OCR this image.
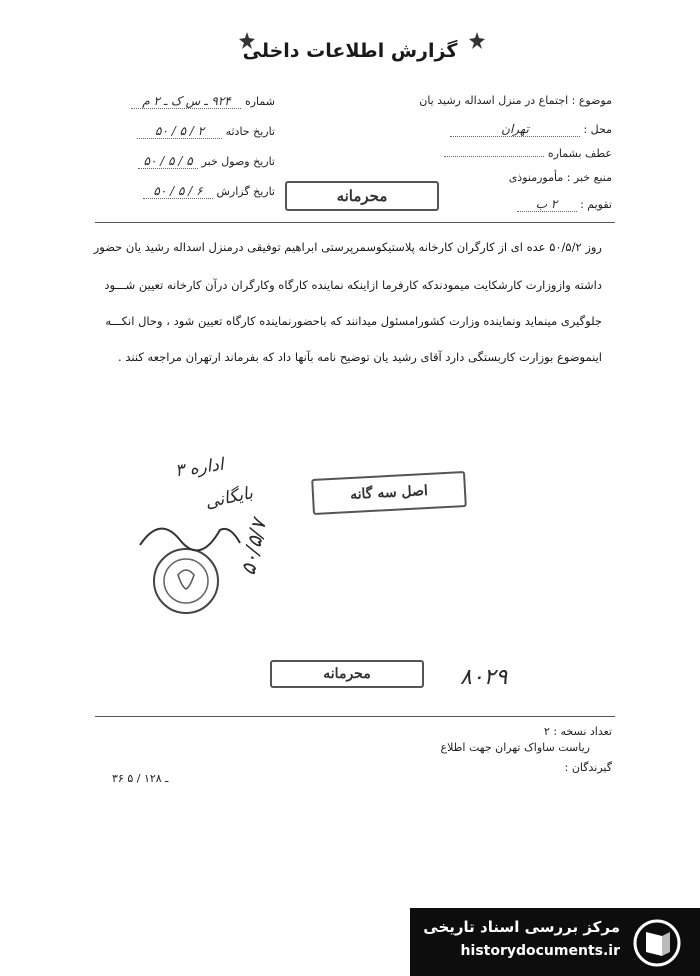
گزارش اطلاعات داخلی
موضوع : اجتماع در منزل اسداله رشید یان
محل : تهران
عطف بشماره
منبع خبر : مأمورمنوذی
تقویم : ۲ ب
شماره ۹۲۴ ـ س ک ـ ۲ م
تاریخ حادثه ۲ / ۵ / ۵۰
تاریخ وصول خبر ۵ / ۵ / ۵۰
تاریخ گزارش ۶ / ۵ / ۵۰	محرمانه
روز ۵۰/۵/۲ عده ای از کارگران کارخانه پلاستیکوسمرپرستی ابراهیم توفیقی درمنزل اسداله رشید یان حضور
داشته وازوزارت کارشکایت میمودندکه کارفرما ازاینکه نماینده کارگاه وکارگران درآن کارخانه تعیین شـــود
جلوگیری مینماید ونماینده وزارت کشورامسئول میدانند که باحضورنماینده کارگاه تعیین شود ، وحال انکـــه
اینموضوع بوزارت کاربستگی دارد آقای رشید یان توضیح نامه بآنها داد که بفرماند ارتهران مراجعه کنند .
اداره ۳
بایگانی
۵۰/۵/۷
اصل سه گانه
محرمانه	۸۰۲۹
تعداد نسخه : ۲
ریاست ساواک تهران جهت اطلاع
گیرندگان :
۳۶ ـ ۱۲۸ / ۵
مرکز بررسی اسناد تاریخی
historydocuments.ir
